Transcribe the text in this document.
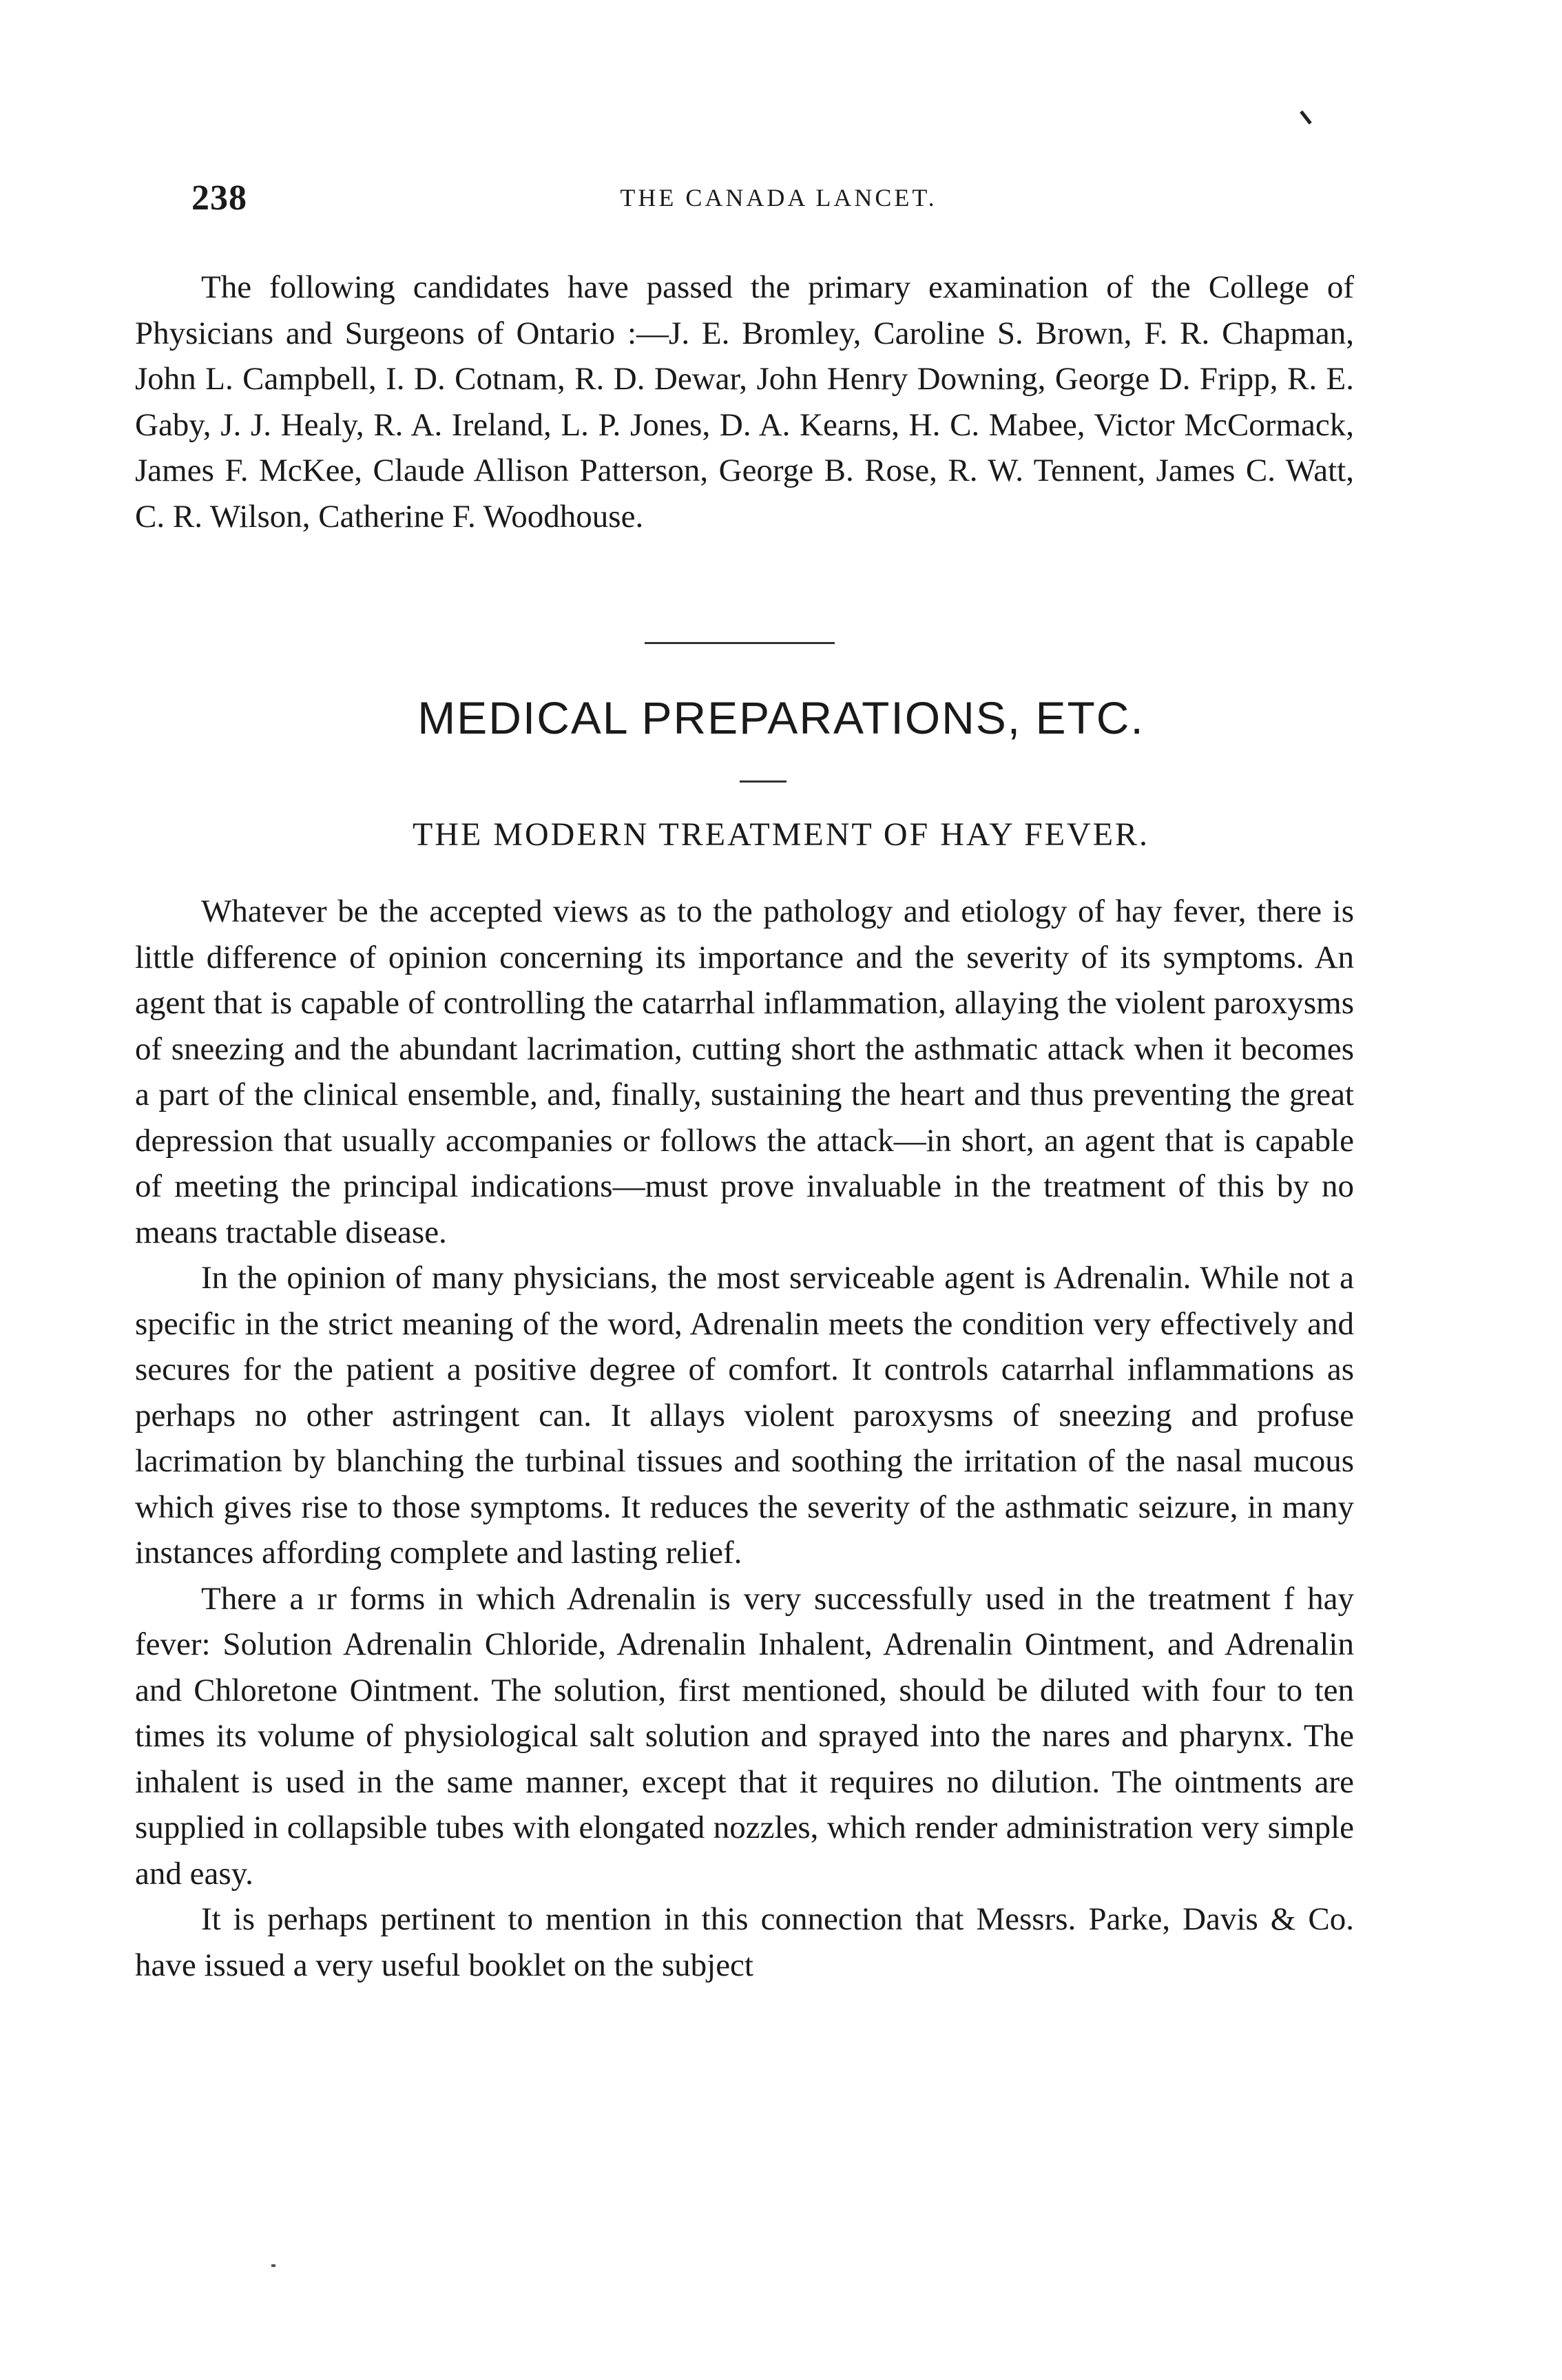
238	THE CANADA LANCET.

The following candidates have passed the primary examination of the College of Physicians and Surgeons of Ontario :—J. E. Bromley, Caroline S. Brown, F. R. Chapman, John L. Campbell, I. D. Cotnam, R. D. Dewar, John Henry Downing, George D. Fripp, R. E. Gaby, J. J. Healy, R. A. Ireland, L. P. Jones, D. A. Kearns, H. C. Mabee, Victor McCormack, James F. McKee, Claude Allison Patterson, George B. Rose, R. W. Tennent, James C. Watt, C. R. Wilson, Catherine F. Woodhouse.

MEDICAL PREPARATIONS, ETC.
THE MODERN TREATMENT OF HAY FEVER.

Whatever be the accepted views as to the pathology and etiology of hay fever, there is little difference of opinion concerning its importance and the severity of its symptoms. An agent that is capable of controlling the catarrhal inflammation, allaying the violent paroxysms of sneezing and the abundant lacrimation, cutting short the asthmatic attack when it becomes a part of the clinical ensemble, and, finally, sustaining the heart and thus preventing the great depression that usually accompanies or follows the attack—in short, an agent that is capable of meeting the principal indications—must prove invaluable in the treatment of this by no means tractable disease.

In the opinion of many physicians, the most serviceable agent is Adrenalin. While not a specific in the strict meaning of the word, Adrenalin meets the condition very effectively and secures for the patient a positive degree of comfort. It controls catarrhal inflammations as perhaps no other astringent can. It allays violent paroxysms of sneezing and profuse lacrimation by blanching the turbinal tissues and soothing the irritation of the nasal mucous which gives rise to those symptoms. It reduces the severity of the asthmatic seizure, in many instances affording complete and lasting relief.

There a ır forms in which Adrenalin is very successfully used in the treatment f hay fever: Solution Adrenalin Chloride, Adrenalin Inhalent, Adrenalin Ointment, and Adrenalin and Chloretone Ointment. The solution, first mentioned, should be diluted with four to ten times its volume of physiological salt solution and sprayed into the nares and pharynx. The inhalent is used in the same manner, except that it requires no dilution. The ointments are supplied in collapsible tubes with elongated nozzles, which render administration very simple and easy.

It is perhaps pertinent to mention in this connection that Messrs. Parke, Davis & Co. have issued a very useful booklet on the subject
